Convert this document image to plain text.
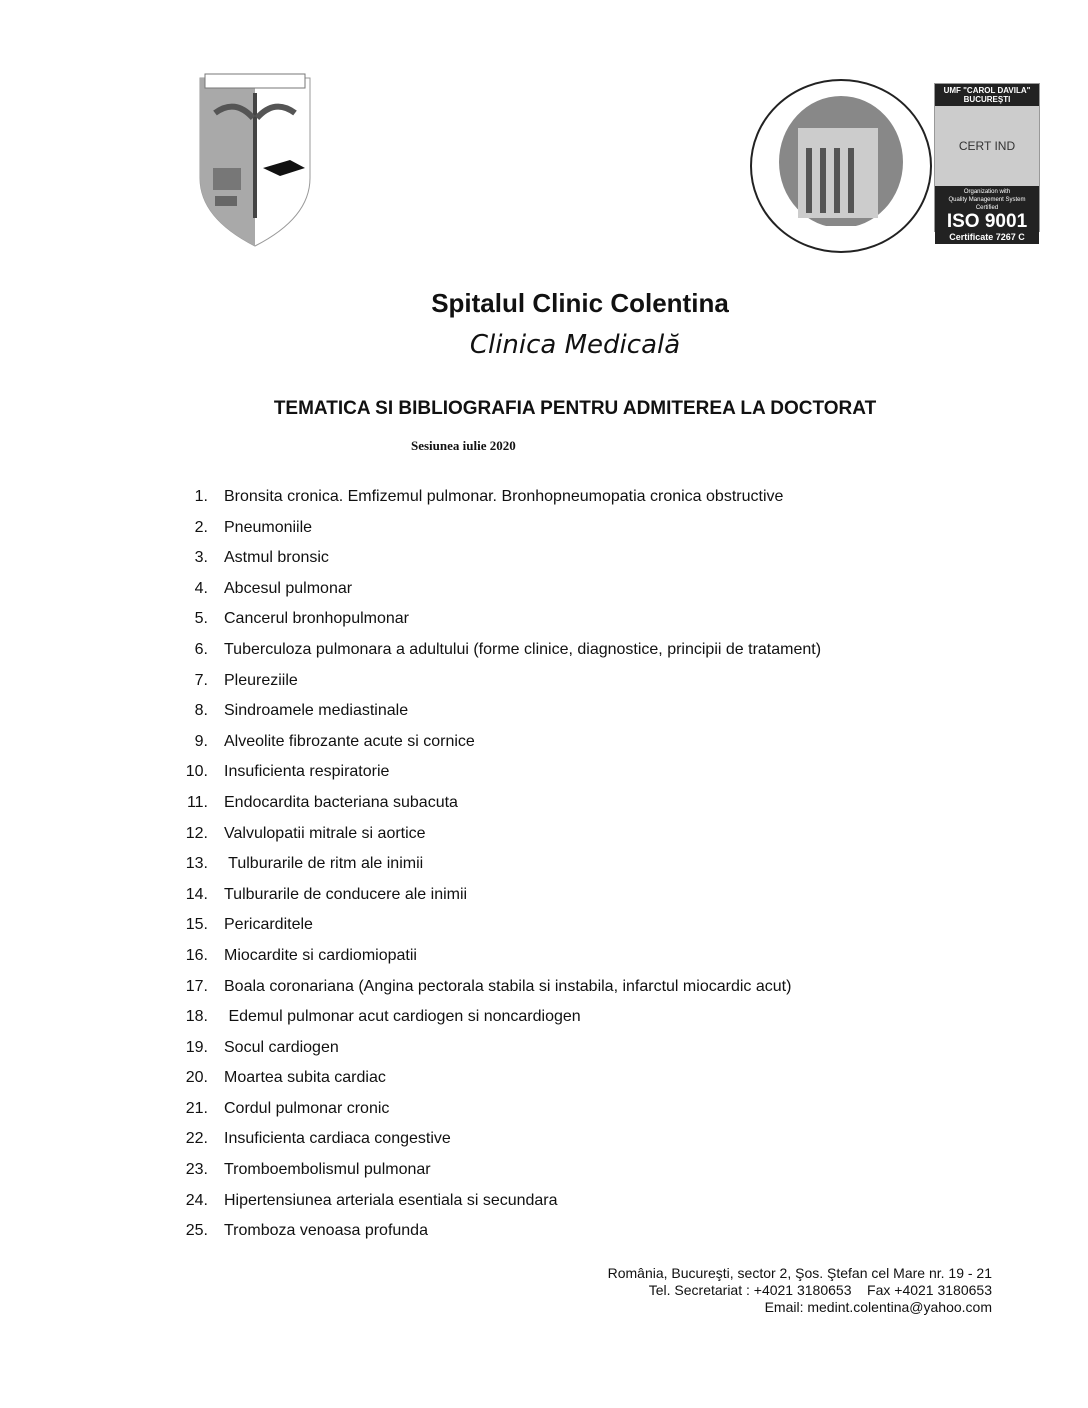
UMF "CAROL DAVILA" BUCUREŞTI
CERT IND
Organization with
Quality Management System
Certified
ISO 9001
Certificate 7267 C
Spitalul Clinic Colentina
Clinica Medicală
TEMATICA SI BIBLIOGRAFIA PENTRU ADMITEREA LA DOCTORAT
Sesiunea iulie 2020
1. Bronsita cronica. Emfizemul pulmonar. Bronhopneumopatia cronica obstructive
2. Pneumoniile
3. Astmul bronsic
4. Abcesul pulmonar
5. Cancerul bronhopulmonar
6. Tuberculoza pulmonara a adultului (forme clinice, diagnostice, principii de tratament)
7. Pleureziile
8. Sindroamele mediastinale
9. Alveolite fibrozante acute si cornice
10. Insuficienta respiratorie
11. Endocardita bacteriana subacuta
12. Valvulopatii mitrale si aortice
13. Tulburarile de ritm ale inimii
14. Tulburarile de conducere ale inimii
15. Pericarditele
16. Miocardite si cardiomiopatii
17. Boala coronariana (Angina pectorala stabila si instabila, infarctul miocardic acut)
18. Edemul pulmonar acut cardiogen si noncardiogen
19. Socul cardiogen
20. Moartea subita cardiac
21. Cordul pulmonar cronic
22. Insuficienta cardiaca congestive
23. Tromboembolismul pulmonar
24. Hipertensiunea arteriala esentiala si secundara
25. Tromboza venoasa profunda
România, Bucureşti, sector 2, Şos. Ştefan cel Mare nr. 19 - 21
Tel. Secretariat : +4021 3180653    Fax +4021 3180653
Email: medint.colentina@yahoo.com
